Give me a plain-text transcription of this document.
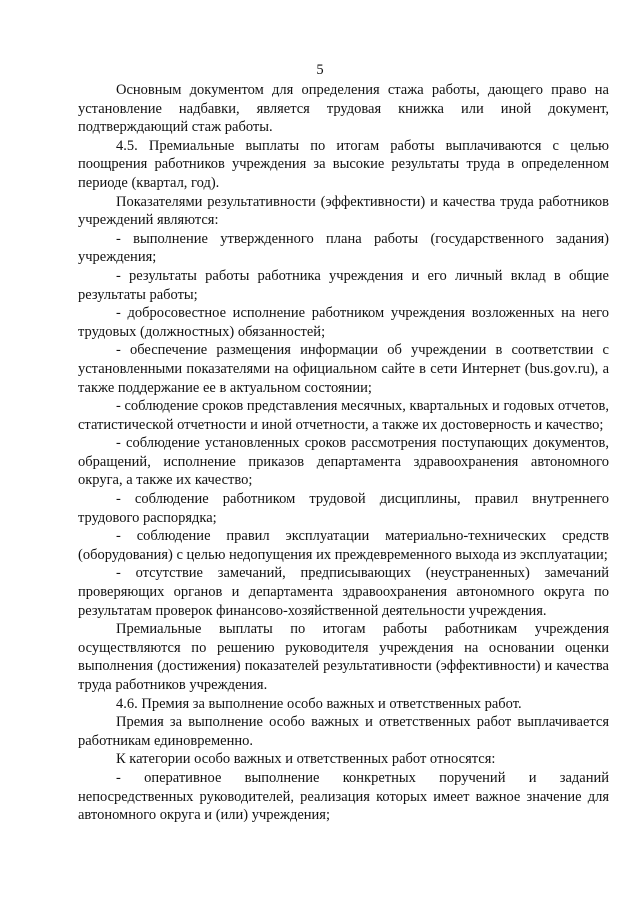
5

Основным документом для определения стажа работы, дающего право на установление надбавки, является трудовая книжка или иной документ, подтверждающий стаж работы.

4.5. Премиальные выплаты по итогам работы выплачиваются с целью поощрения работников учреждения за высокие результаты труда в определенном периоде (квартал, год).

Показателями результативности (эффективности) и качества труда работников учреждений являются:

- выполнение утвержденного плана работы (государственного задания) учреждения;

- результаты работы работника учреждения и его личный вклад в общие результаты работы;

- добросовестное исполнение работником учреждения возложенных на него трудовых (должностных) обязанностей;

- обеспечение размещения информации об учреждении в соответствии с установленными показателями на официальном сайте в сети Интернет (bus.gov.ru), а также поддержание ее в актуальном состоянии;

- соблюдение сроков представления месячных, квартальных и годовых отчетов, статистической отчетности и иной отчетности, а также их достоверность и качество;

- соблюдение установленных сроков рассмотрения поступающих документов, обращений, исполнение приказов департамента здравоохранения автономного округа, а также их качество;

- соблюдение работником трудовой дисциплины, правил внутреннего трудового распорядка;

- соблюдение правил эксплуатации материально-технических средств (оборудования) с целью недопущения их преждевременного выхода из эксплуатации;

- отсутствие замечаний, предписывающих (неустраненных) замечаний проверяющих органов и департамента здравоохранения автономного округа по результатам проверок финансово-хозяйственной деятельности учреждения.

Премиальные выплаты по итогам работы работникам учреждения осуществляются по решению руководителя учреждения на основании оценки выполнения (достижения) показателей результативности (эффективности) и качества труда работников учреждения.

4.6. Премия за выполнение особо важных и ответственных работ.

Премия за выполнение особо важных и ответственных работ выплачивается работникам единовременно.

К категории особо важных и ответственных работ относятся:

- оперативное выполнение конкретных поручений и заданий непосредственных руководителей, реализация которых имеет важное значение для автономного округа и (или) учреждения;
